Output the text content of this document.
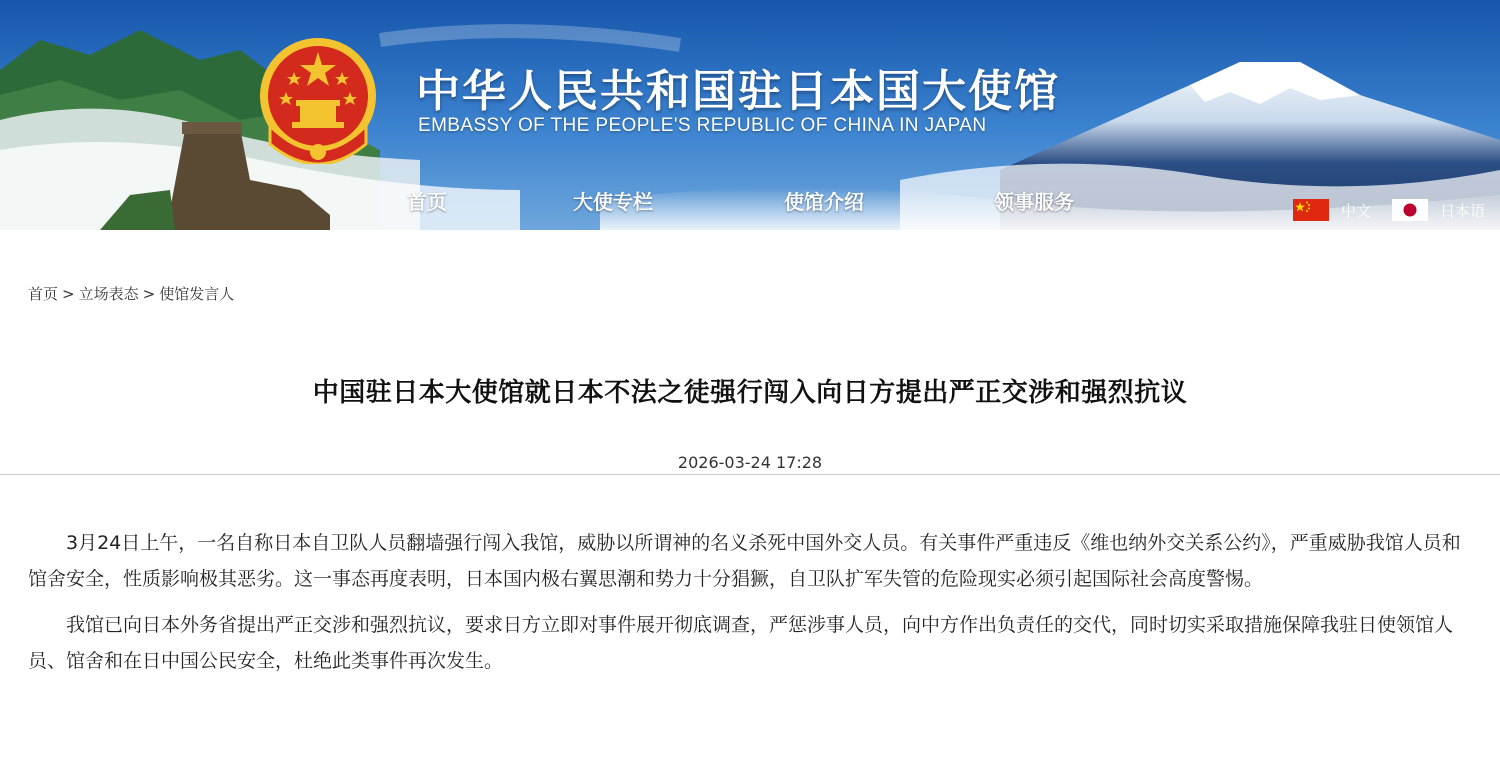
中华人民共和国驻日本国大使馆
EMBASSY OF THE PEOPLE'S REPUBLIC OF CHINA IN JAPAN
首页	大使专栏	使馆介绍	领事服务	中文	日本语
首页 > 立场表态 > 使馆发言人
中国驻日本大使馆就日本不法之徒强行闯入向日方提出严正交涉和强烈抗议
2026-03-24 17:28

3月24日上午，一名自称日本自卫队人员翻墙强行闯入我馆，威胁以所谓神的名义杀死中国外交人员。有关事件严重违反《维也纳外交关系公约》，严重威胁我馆人员和馆舍安全，性质影响极其恶劣。这一事态再度表明，日本国内极右翼思潮和势力十分猖獗，自卫队扩军失管的危险现实必须引起国际社会高度警惕。

我馆已向日本外务省提出严正交涉和强烈抗议，要求日方立即对事件展开彻底调查，严惩涉事人员，向中方作出负责任的交代，同时切实采取措施保障我驻日使领馆人员、馆舍和在日中国公民安全，杜绝此类事件再次发生。
